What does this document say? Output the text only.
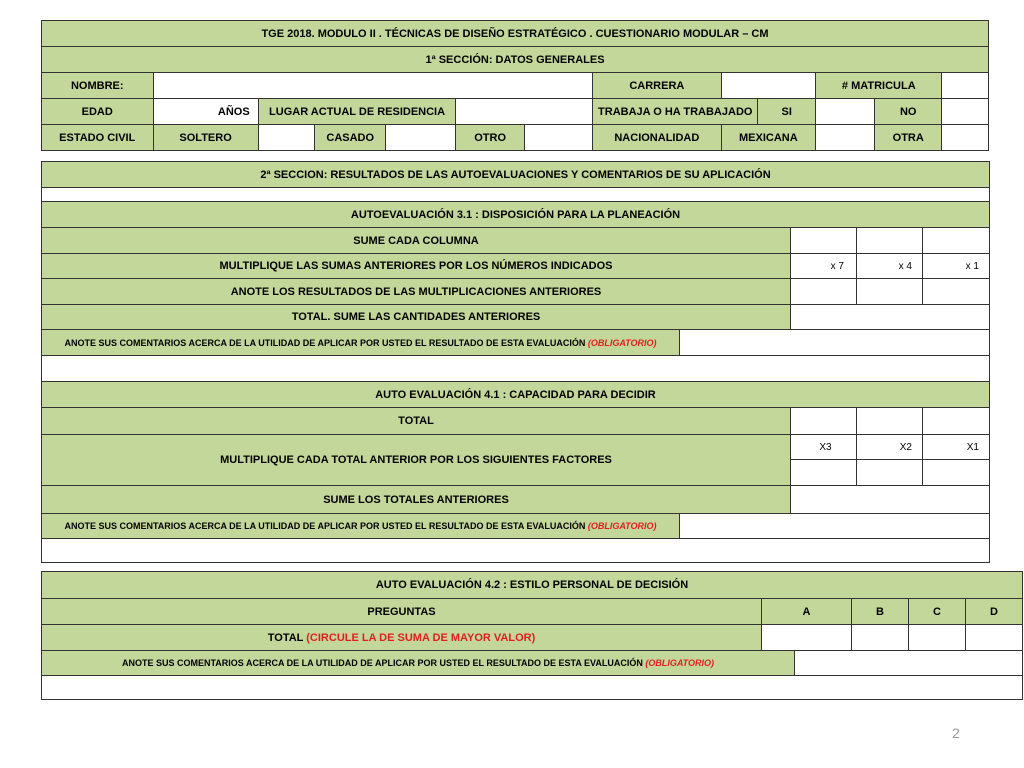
TGE 2018. MODULO II . TÉCNICAS DE DISEÑO ESTRATÉGICO . CUESTIONARIO MODULAR – CM												
1ª SECCIÓN: DATOS GENERALES												
NOMBRE:							CARRERA			# MATRICULA		
EDAD	AÑOS	LUGAR ACTUAL DE RESIDENCIA					TRABAJA O HA TRABAJADO		SI		NO	
ESTADO CIVIL	SOLTERO		CASADO		OTRO		NACIONALIDAD	MEXICANA			OTRA	
2ª SECCION: RESULTADOS DE LAS AUTOEVALUACIONES Y COMENTARIOS DE SU APLICACIÓN				

AUTOEVALUACIÓN 3.1 : DISPOSICIÓN PARA LA PLANEACIÓN				
SUME CADA COLUMNA				
MULTIPLIQUE LAS SUMAS ANTERIORES POR LOS NÚMEROS INDICADOS		x 7	x 4	x 1
ANOTE LOS RESULTADOS DE LAS MULTIPLICACIONES ANTERIORES				
TOTAL. SUME LAS CANTIDADES ANTERIORES				
ANOTE SUS COMENTARIOS ACERCA DE LA UTILIDAD DE APLICAR POR USTED EL RESULTADO DE ESTA EVALUACIÓN (OBLIGATORIO)				

AUTO EVALUACIÓN 4.1 : CAPACIDAD PARA DECIDIR				
TOTAL				
MULTIPLIQUE CADA TOTAL ANTERIOR POR LOS SIGUIENTES FACTORES		X3	X2	X1

SUME LOS TOTALES ANTERIORES				
ANOTE SUS COMENTARIOS ACERCA DE LA UTILIDAD DE APLICAR POR USTED EL RESULTADO DE ESTA EVALUACIÓN (OBLIGATORIO)				

AUTO EVALUACIÓN 4.2 : ESTILO PERSONAL DE DECISIÓN					
PREGUNTAS	A		B	C	D
TOTAL (CIRCULE LA DE SUMA DE MAYOR VALOR)					
ANOTE SUS COMENTARIOS ACERCA DE LA UTILIDAD DE APLICAR POR USTED EL RESULTADO DE ESTA EVALUACIÓN (OBLIGATORIO)					

2
